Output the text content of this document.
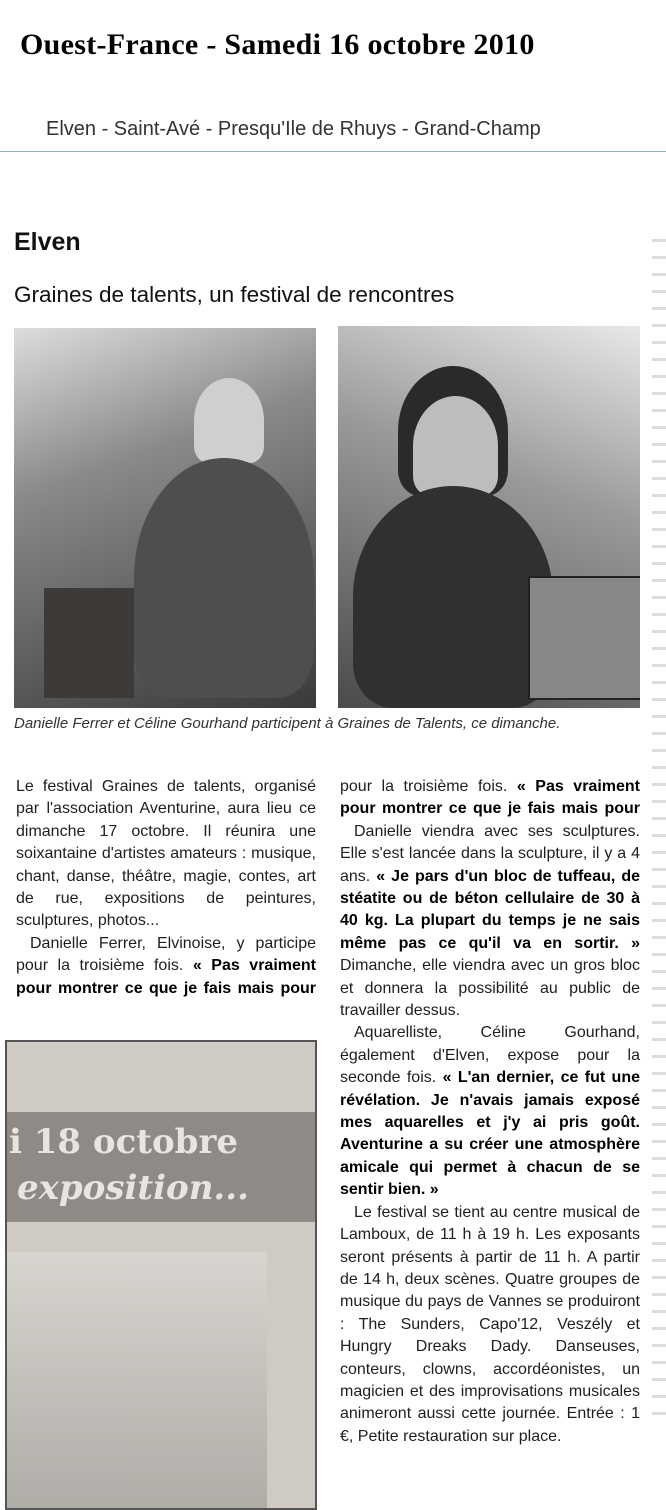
Ouest-France - Samedi 16 octobre 2010
Elven - Saint-Avé - Presqu'Ile de Rhuys - Grand-Champ
Elven
Graines de talents, un festival de rencontres
Danielle Ferrer et Céline Gourhand participent à Graines de Talents, ce dimanche.

Le festival Graines de talents, organisé par l'association Aventurine, aura lieu ce dimanche 17 octobre. Il réunira une soixantaine d'artistes amateurs : musique, chant, danse, théâtre, magie, contes, art de rue, expositions de peintures, sculptures, photos...

Danielle Ferrer, Elvinoise, y participe pour la troisième fois. « Pas vraiment pour montrer ce que je fais mais pour

Danielle viendra avec ses sculptures. Elle s'est lancée dans la sculpture, il y a 4 ans. « Je pars d'un bloc de tuffeau, de stéatite ou de béton cellulaire de 30 à 40 kg. La plupart du temps je ne sais même pas ce qu'il va en sortir. » Dimanche, elle viendra avec un gros bloc et donnera la possibilité au public de travailler dessus.

Aquarelliste, Céline Gourhand, également d'Elven, expose pour la seconde fois. « L'an dernier, ce fut une révélation. Je n'avais jamais exposé mes aquarelles et j'y ai pris goût. Aventurine a su créer une atmosphère amicale qui permet à chacun de se sentir bien. »

Le festival se tient au centre musical de Lamboux, de 11 h à 19 h. Les exposants seront présents à partir de 11 h. A partir de 14 h, deux scènes. Quatre groupes de musique du pays de Vannes se produiront : The Sunders, Capo'12, Veszély et Hungry Dreaks Dady. Danseuses, conteurs, clowns, accordéonistes, un magicien et des improvisations musicales animeront aussi cette journée. Entrée : 1 €, Petite restauration sur place.

i 18 octobre
exposition...

pour la troisième fois. « Pas vraiment pour montrer ce que je fais mais pour
